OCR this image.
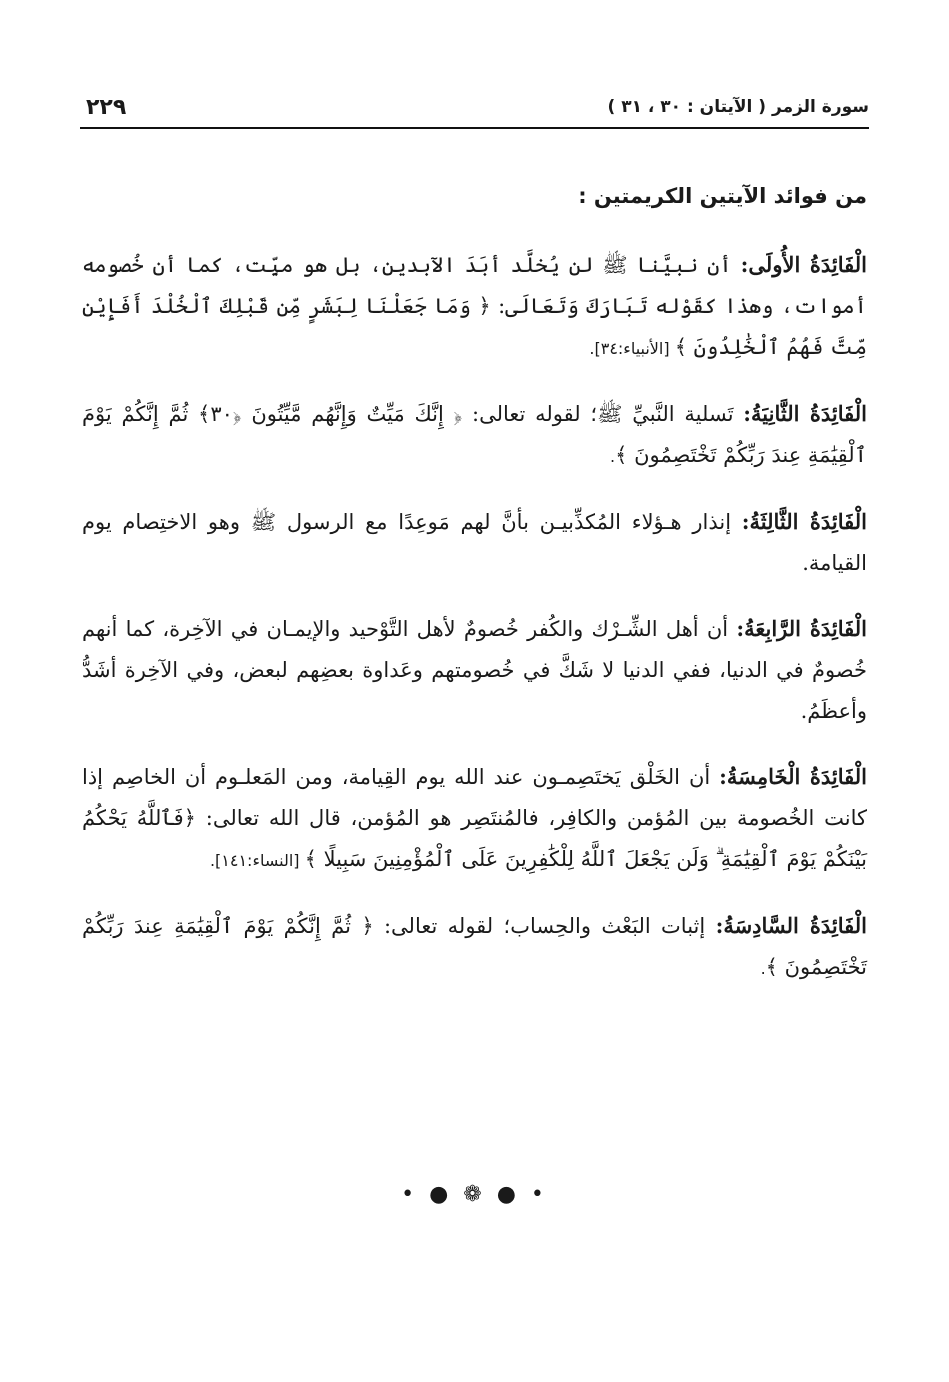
٢٢٩	سورة الزمر ( الآيتان : ٣٠ ، ٣١ )
من فوائد الآيتين الكريمتين :

الْفَائِدَةُ الأُولَى: أن نبيَّنا ﷺ لن يُخلَّد أبَدَ الآبدين، بل هو ميِّت، كما أن خُصومه أموات، وهذا كقَوْله تَبَارَكَ وَتَعَالَى: ﴿ وَمَا جَعَلْنَا لِبَشَرٍ مِّن قَبْلِكَ ٱلْخُلْدَ أَفَإِيْن مِّتَّ فَهُمُ ٱلْخَٰلِدُونَ ﴾ [الأنبياء:٣٤].

الْفَائِدَةُ الثَّانِيَةُ: تَسلية النَّبيِّ ﷺ؛ لقوله تعالى: ﴿ إِنَّكَ مَيِّتٌ وَإِنَّهُم مَّيِّتُونَ ﴿٣٠﴾ ثُمَّ إِنَّكُمْ يَوْمَ ٱلْقِيَٰمَةِ عِندَ رَبِّكُمْ تَخْتَصِمُونَ ﴾.

الْفَائِدَةُ الثَّالِثَةُ: إنذار هـؤلاء المُكذِّبيـن بأنَّ لهم مَوعِدًا مع الرسول ﷺ وهو الاختِصام يوم القيامة.

الْفَائِدَةُ الرَّابِعَةُ: أن أهل الشِّـرْك والكُفر خُصومٌ لأهل التَّوْحيد والإيمـان في الآخِرة، كما أنهم خُصومٌ في الدنيا، ففي الدنيا لا شَكَّ في خُصومتهم وعَداوة بعضِهم لبعض، وفي الآخِرة أشَدُّ وأعظَمُ.

الْفَائِدَةُ الْخَامِسَةُ: أن الخَلْق يَختَصِمـون عند الله يوم القِيامة، ومن المَعلـوم أن الخاصِم إذا كانت الخُصومة بين المُؤمن والكافِر، فالمُنتَصِر هو المُؤمن، قال الله تعالى: ﴿فَٱللَّهُ يَحْكُمُ بَيْنَكُمْ يَوْمَ ٱلْقِيَٰمَةِ ۗ وَلَن يَجْعَلَ ٱللَّهُ لِلْكَٰفِرِينَ عَلَى ٱلْمُؤْمِنِينَ سَبِيلًا ﴾ [النساء:١٤١].

الْفَائِدَةُ السَّادِسَةُ: إثبات البَعْث والحِساب؛ لقوله تعالى: ﴿ ثُمَّ إِنَّكُمْ يَوْمَ ٱلْقِيَٰمَةِ عِندَ رَبِّكُمْ تَخْتَصِمُونَ ﴾.

• ● ❁ ● •
